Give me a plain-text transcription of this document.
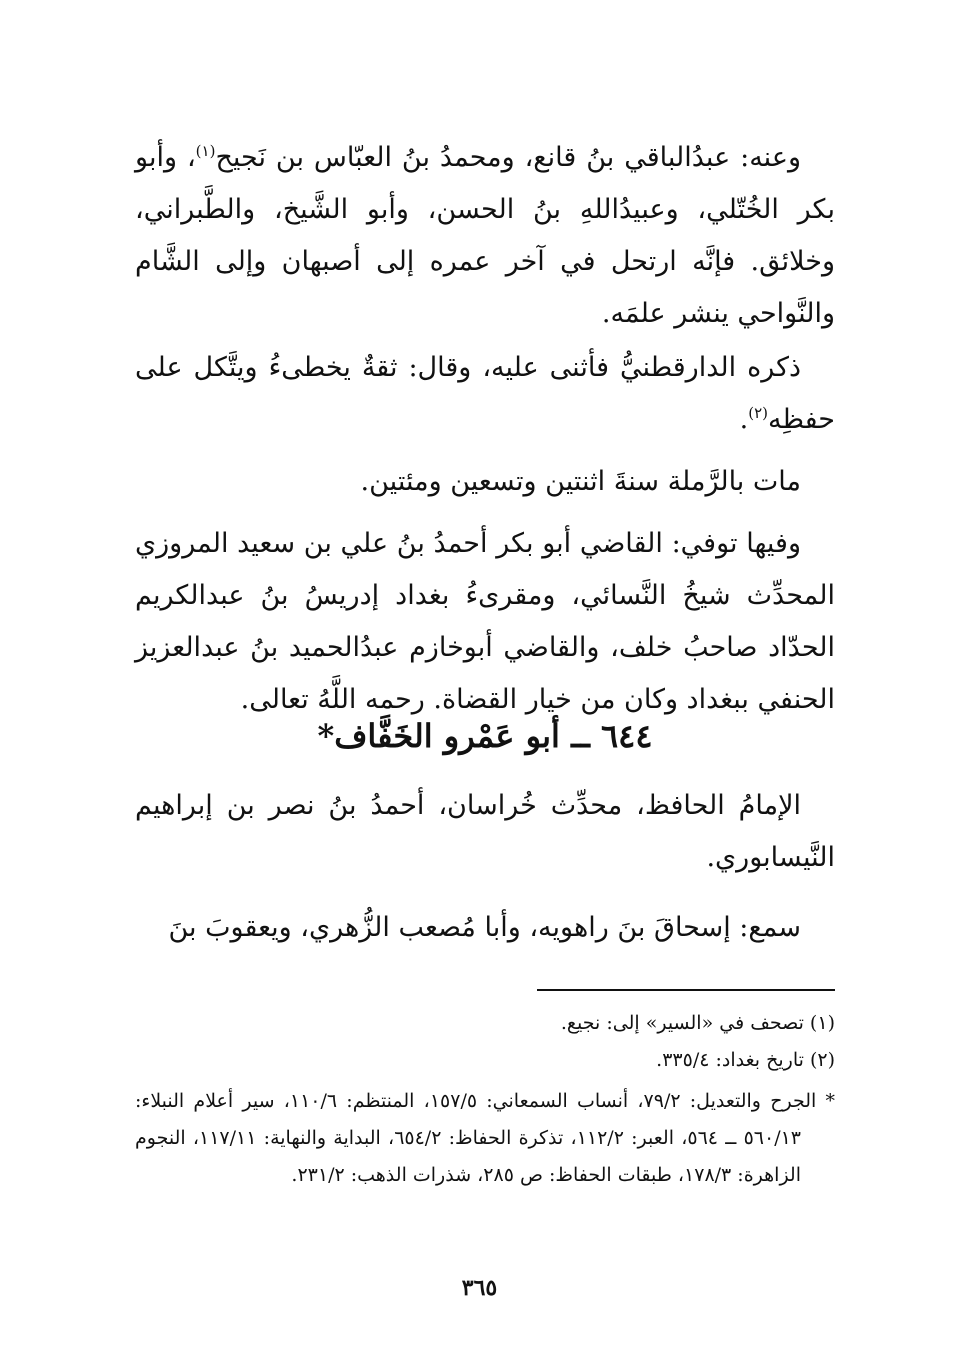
وعنه: عبدُالباقي بنُ قانع، ومحمدُ بنُ العبّاس بن نَجيح$^{(١)}$، وأبو بكر الخُتّلي، وعبيدُاللهِ بنُ الحسن، وأبو الشَّيخ، والطَّبراني، وخلائق. فإنَّه ارتحل في آخر عمره إلى أصبهان وإلى الشَّام والنَّواحي ينشر علمَه.

ذكره الدارقطنيُّ فأثنى عليه، وقال: ثقةٌ يخطىءُ ويتَّكل على حفظِه$^{(٢)}$.

مات بالرَّملة سنةَ اثنتين وتسعين ومئتين.

وفيها توفي: القاضي أبو بكر أحمدُ بنُ علي بن سعيد المروزي المحدِّث شيخُ النَّسائي، ومقرىءُ بغداد إدريسُ بنُ عبدالكريم الحدّاد صاحبُ خلف، والقاضي أبوخازم عبدُالحميد بنُ عبدالعزيز الحنفي ببغداد وكان من خيار القضاة. رحمه اللَّهُ تعالى.

٦٤٤ ــ أبو عَمْرو الخَفَّاف*

الإمامُ الحافظ، محدِّث خُراسان، أحمدُ بنُ نصر بن إبراهيم النَّيسابوري.

سمع: إسحاقَ بنَ راهويه، وأبا مُصعب الزُّهري، ويعقوبَ بنَ

(١) تصحف في «السير» إلى: نجيع.

(٢) تاريخ بغداد: ٣٣٥/٤.

* الجرح والتعديل: ٧٩/٢، أنساب السمعاني: ١٥٧/٥، المنتظم: ١١٠/٦، سير أعلام النبلاء: ٥٦٠/١٣ ــ ٥٦٤، العبر: ١١٢/٢، تذكرة الحفاظ: ٦٥٤/٢، البداية والنهاية: ١١٧/١١، النجوم الزاهرة: ١٧٨/٣، طبقات الحفاظ: ص ٢٨٥، شذرات الذهب: ٢٣١/٢.

٣٦٥
